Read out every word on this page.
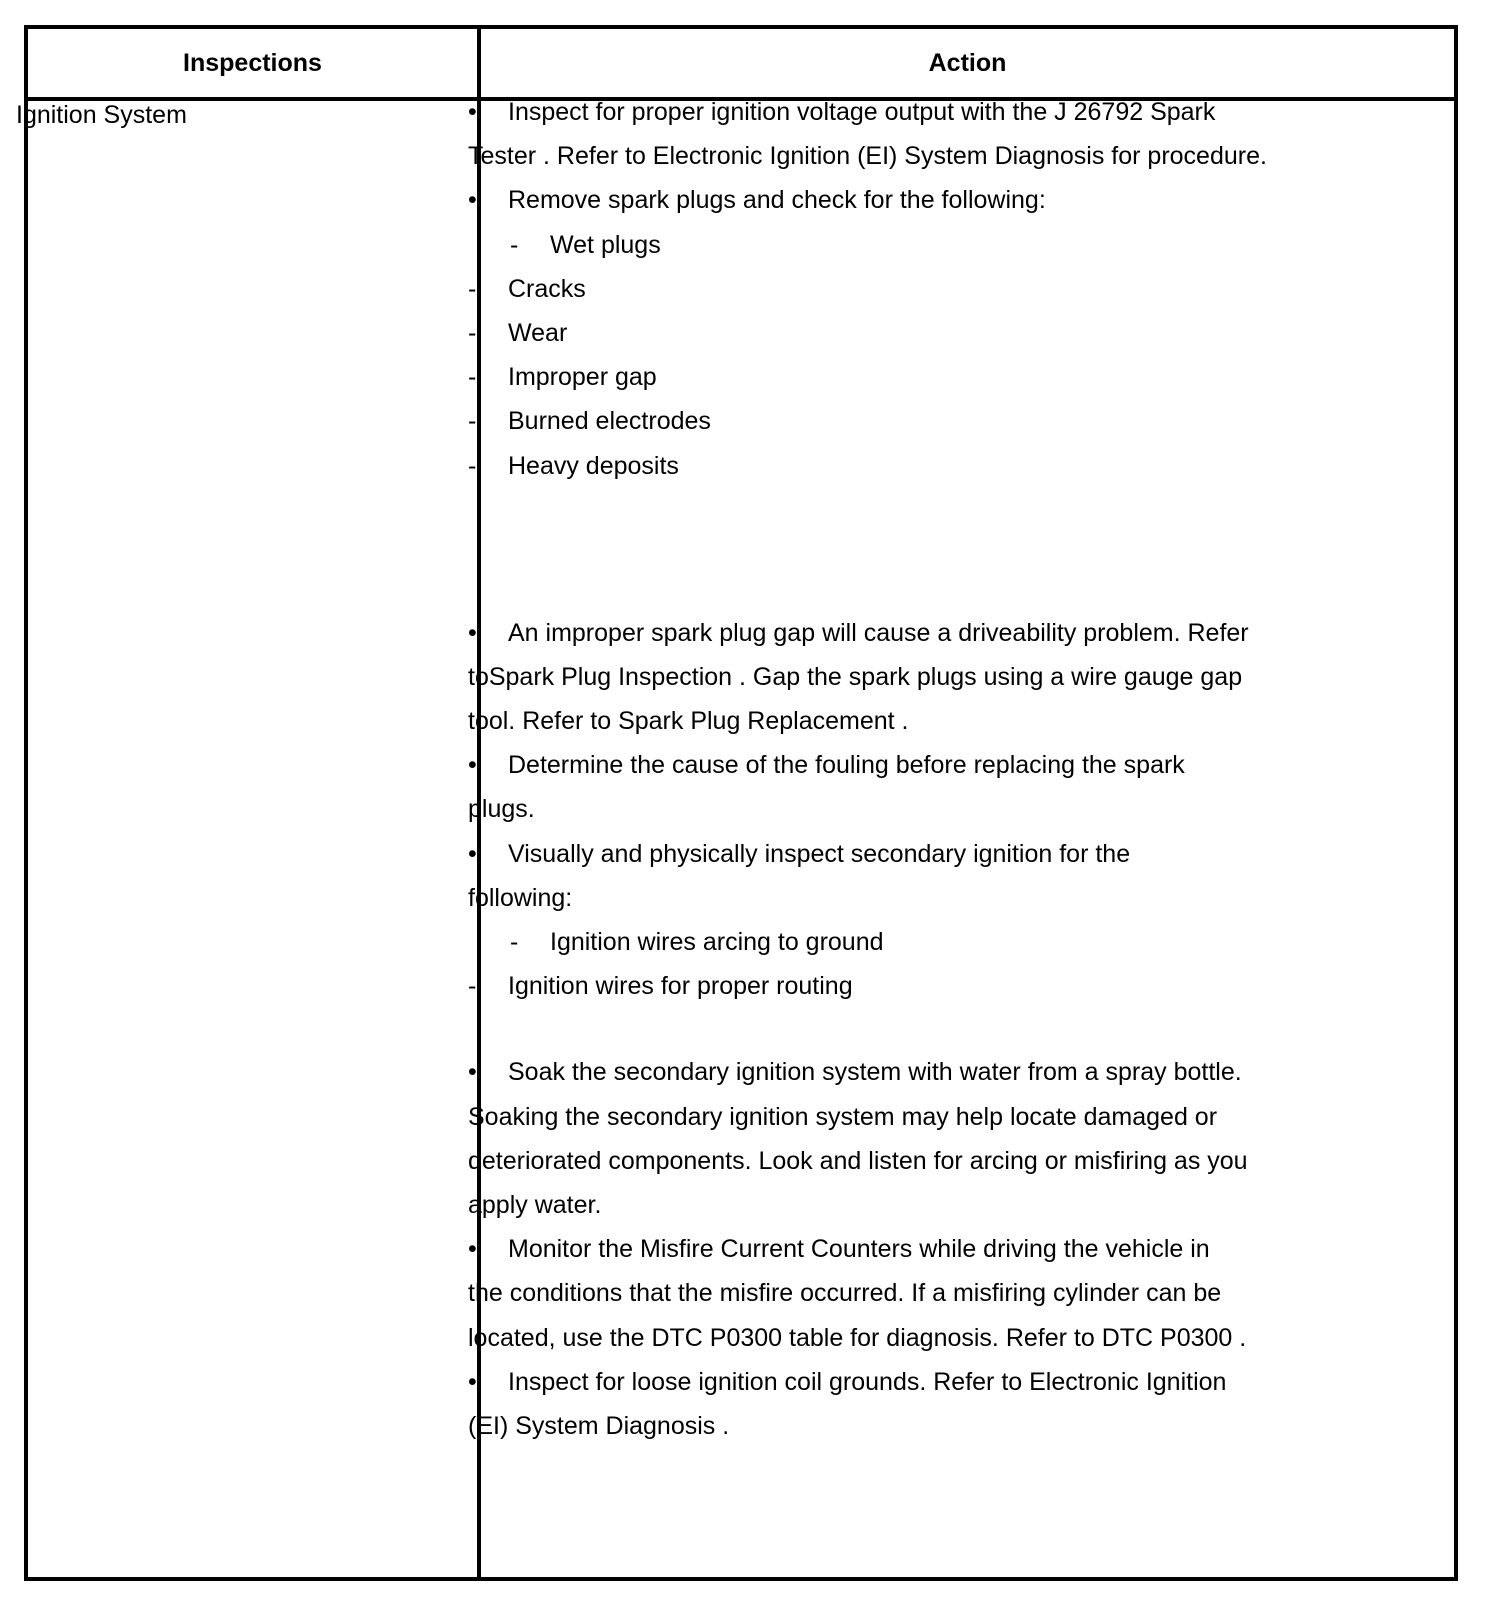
Inspections	Action
Ignition System	• Inspect for proper ignition voltage output with the J 26792 Spark
Tester . Refer to Electronic Ignition (EI) System Diagnosis for procedure.
• Remove spark plugs and check for the following:
- Wet plugs
- Cracks
- Wear
- Improper gap
- Burned electrodes
- Heavy deposits
• An improper spark plug gap will cause a driveability problem. Refer
toSpark Plug Inspection . Gap the spark plugs using a wire gauge gap
tool. Refer to Spark Plug Replacement .
• Determine the cause of the fouling before replacing the spark
plugs.
• Visually and physically inspect secondary ignition for the
following:
- Ignition wires arcing to ground
- Ignition wires for proper routing
• Soak the secondary ignition system with water from a spray bottle.
Soaking the secondary ignition system may help locate damaged or
deteriorated components. Look and listen for arcing or misfiring as you
apply water.
• Monitor the Misfire Current Counters while driving the vehicle in
the conditions that the misfire occurred. If a misfiring cylinder can be
located, use the DTC P0300 table for diagnosis. Refer to DTC P0300 .
• Inspect for loose ignition coil grounds. Refer to Electronic Ignition
(EI) System Diagnosis .
